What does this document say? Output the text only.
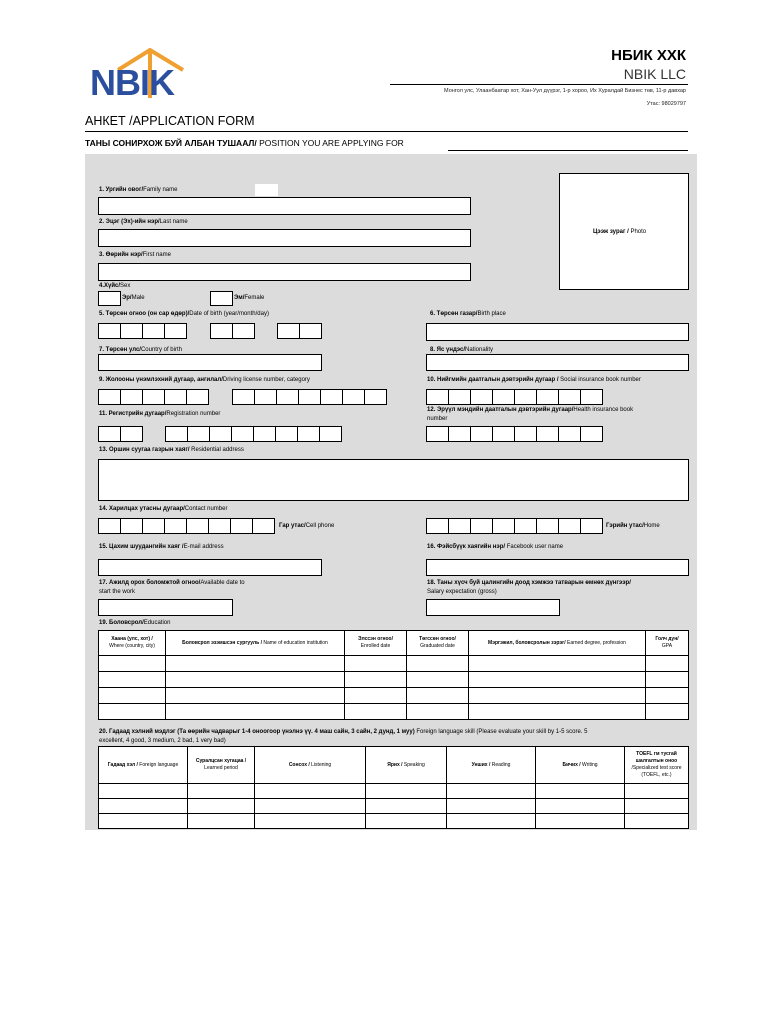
NBIK
НБИК ХХК
NBIK LLC
Монгол улс, Улаанбаатар хот, Хан-Уул дүүрэг, 1-р хороо, Их Хуралдай Бизнес төв, 11-р давхар
Утас: 98029797
АНКЕТ /APPLICATION FORM
ТАНЫ СОНИРХОЖ БУЙ АЛБАН ТУШААЛ/ POSITION YOU ARE APPLYING FOR
Цээж зураг / Photo
1. Ургийн овог/Family name
2. Эцэг (Эх)-ийн нэр/Last name
3. Өөрийн нэр/First name
4.Хүйс/Sex
Эр/Male	Эм/Female
5. Төрсөн огноо (он сар өдөр)/Date of birth (year/month/day)	6. Төрсөн газар/Birth place
7. Төрсөн улс/Country of birth	8. Яс үндэс/Nationality
9. Жолооны үнэмлэхний дугаар, ангилал/Driving license number, category	10. Нийгмийн даатгалын дэвтэрийн дугаар / Social insurance book number
11. Регистрийн дугаар/Registration number
12. Эрүүл мэндийн даатгалын дэвтэрийн дугаар/Health insurance book
number
13. Оршин суугаа газрын хаяг/ Residential address
14. Харилцах утасны дугаар/Contact number
Гар утас/Cell phone	Гэрийн утас/Home
15. Цахим шуудангийн хаяг /E-mail address	16. Фэйсбүүк хаягийн нэр/ Facebook user name
17. Ажилд орох боломжтой огноо/Available date to
start the work
18. Таны хүсч буй цалингийн доод хэмжээ татварын өмнөх дүнгээр/
Salary expectation (gross)
19. Боловсрол/Education
Хаана (улс, хот) /
Where (country, city)	Боловсрол эзэмшсэн сургууль / Name of education institution	Элссэн огноо/
Enrolled date	Төгссөн огноо/
Graduated date	Мэргэжил, боловсролын зэрэг/ Earned degree, profession	Голч дүн/
GPA

20. Гадаад хэлний мэдлэг (Та өөрийн чадварыг 1-4 оноогоор үнэлнэ үү. 4 маш сайн, 3 сайн, 2 дунд, 1 муу) Foreign language skill (Please evaluate your skill by 1-5 score. 5
excellent, 4 good, 3 medium, 2 bad, 1 very bad)
Гадаад хэл / Foreign language	Суралцсан хугацаа /
Learned period	Сонсох / Listening	Ярих / Speaking	Унших / Reading	Бичих / Writing	TOEFL гм тусгай шалгалтын оноо /Specialized test score (TOEFL, etc.)
